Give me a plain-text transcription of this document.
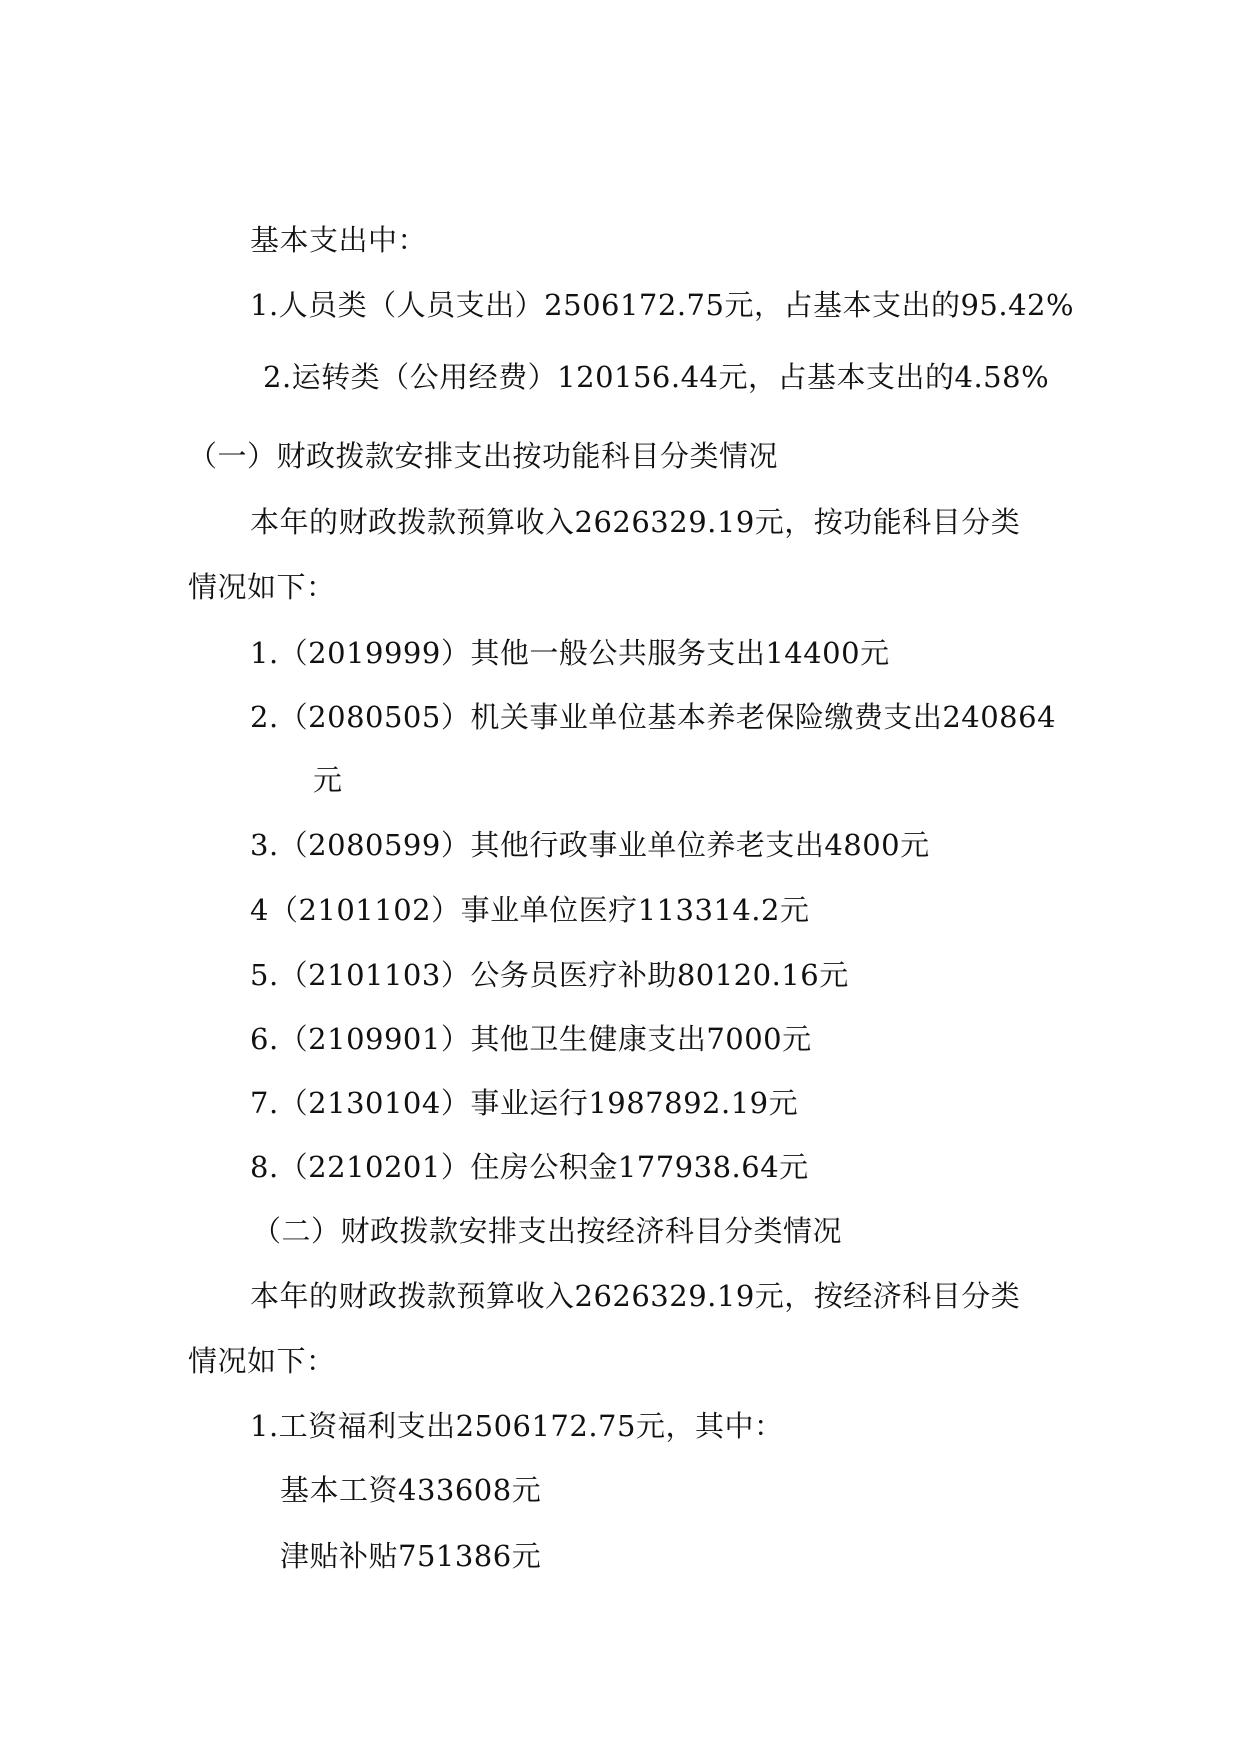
基本支出中：
1.人员类（人员支出）2506172.75元，占基本支出的95.42%
2.运转类（公用经费）120156.44元，占基本支出的4.58%
（一）财政拨款安排支出按功能科目分类情况
本年的财政拨款预算收入2626329.19元，按功能科目分类
情况如下：
1.（2019999）其他一般公共服务支出14400元
2.（2080505）机关事业单位基本养老保险缴费支出240864
元
3.（2080599）其他行政事业单位养老支出4800元
4（2101102）事业单位医疗113314.2元
5.（2101103）公务员医疗补助80120.16元
6.（2109901）其他卫生健康支出7000元
7.（2130104）事业运行1987892.19元
8.（2210201）住房公积金177938.64元
（二）财政拨款安排支出按经济科目分类情况
本年的财政拨款预算收入2626329.19元，按经济科目分类
情况如下：
1.工资福利支出2506172.75元，其中：
基本工资433608元
津贴补贴751386元
